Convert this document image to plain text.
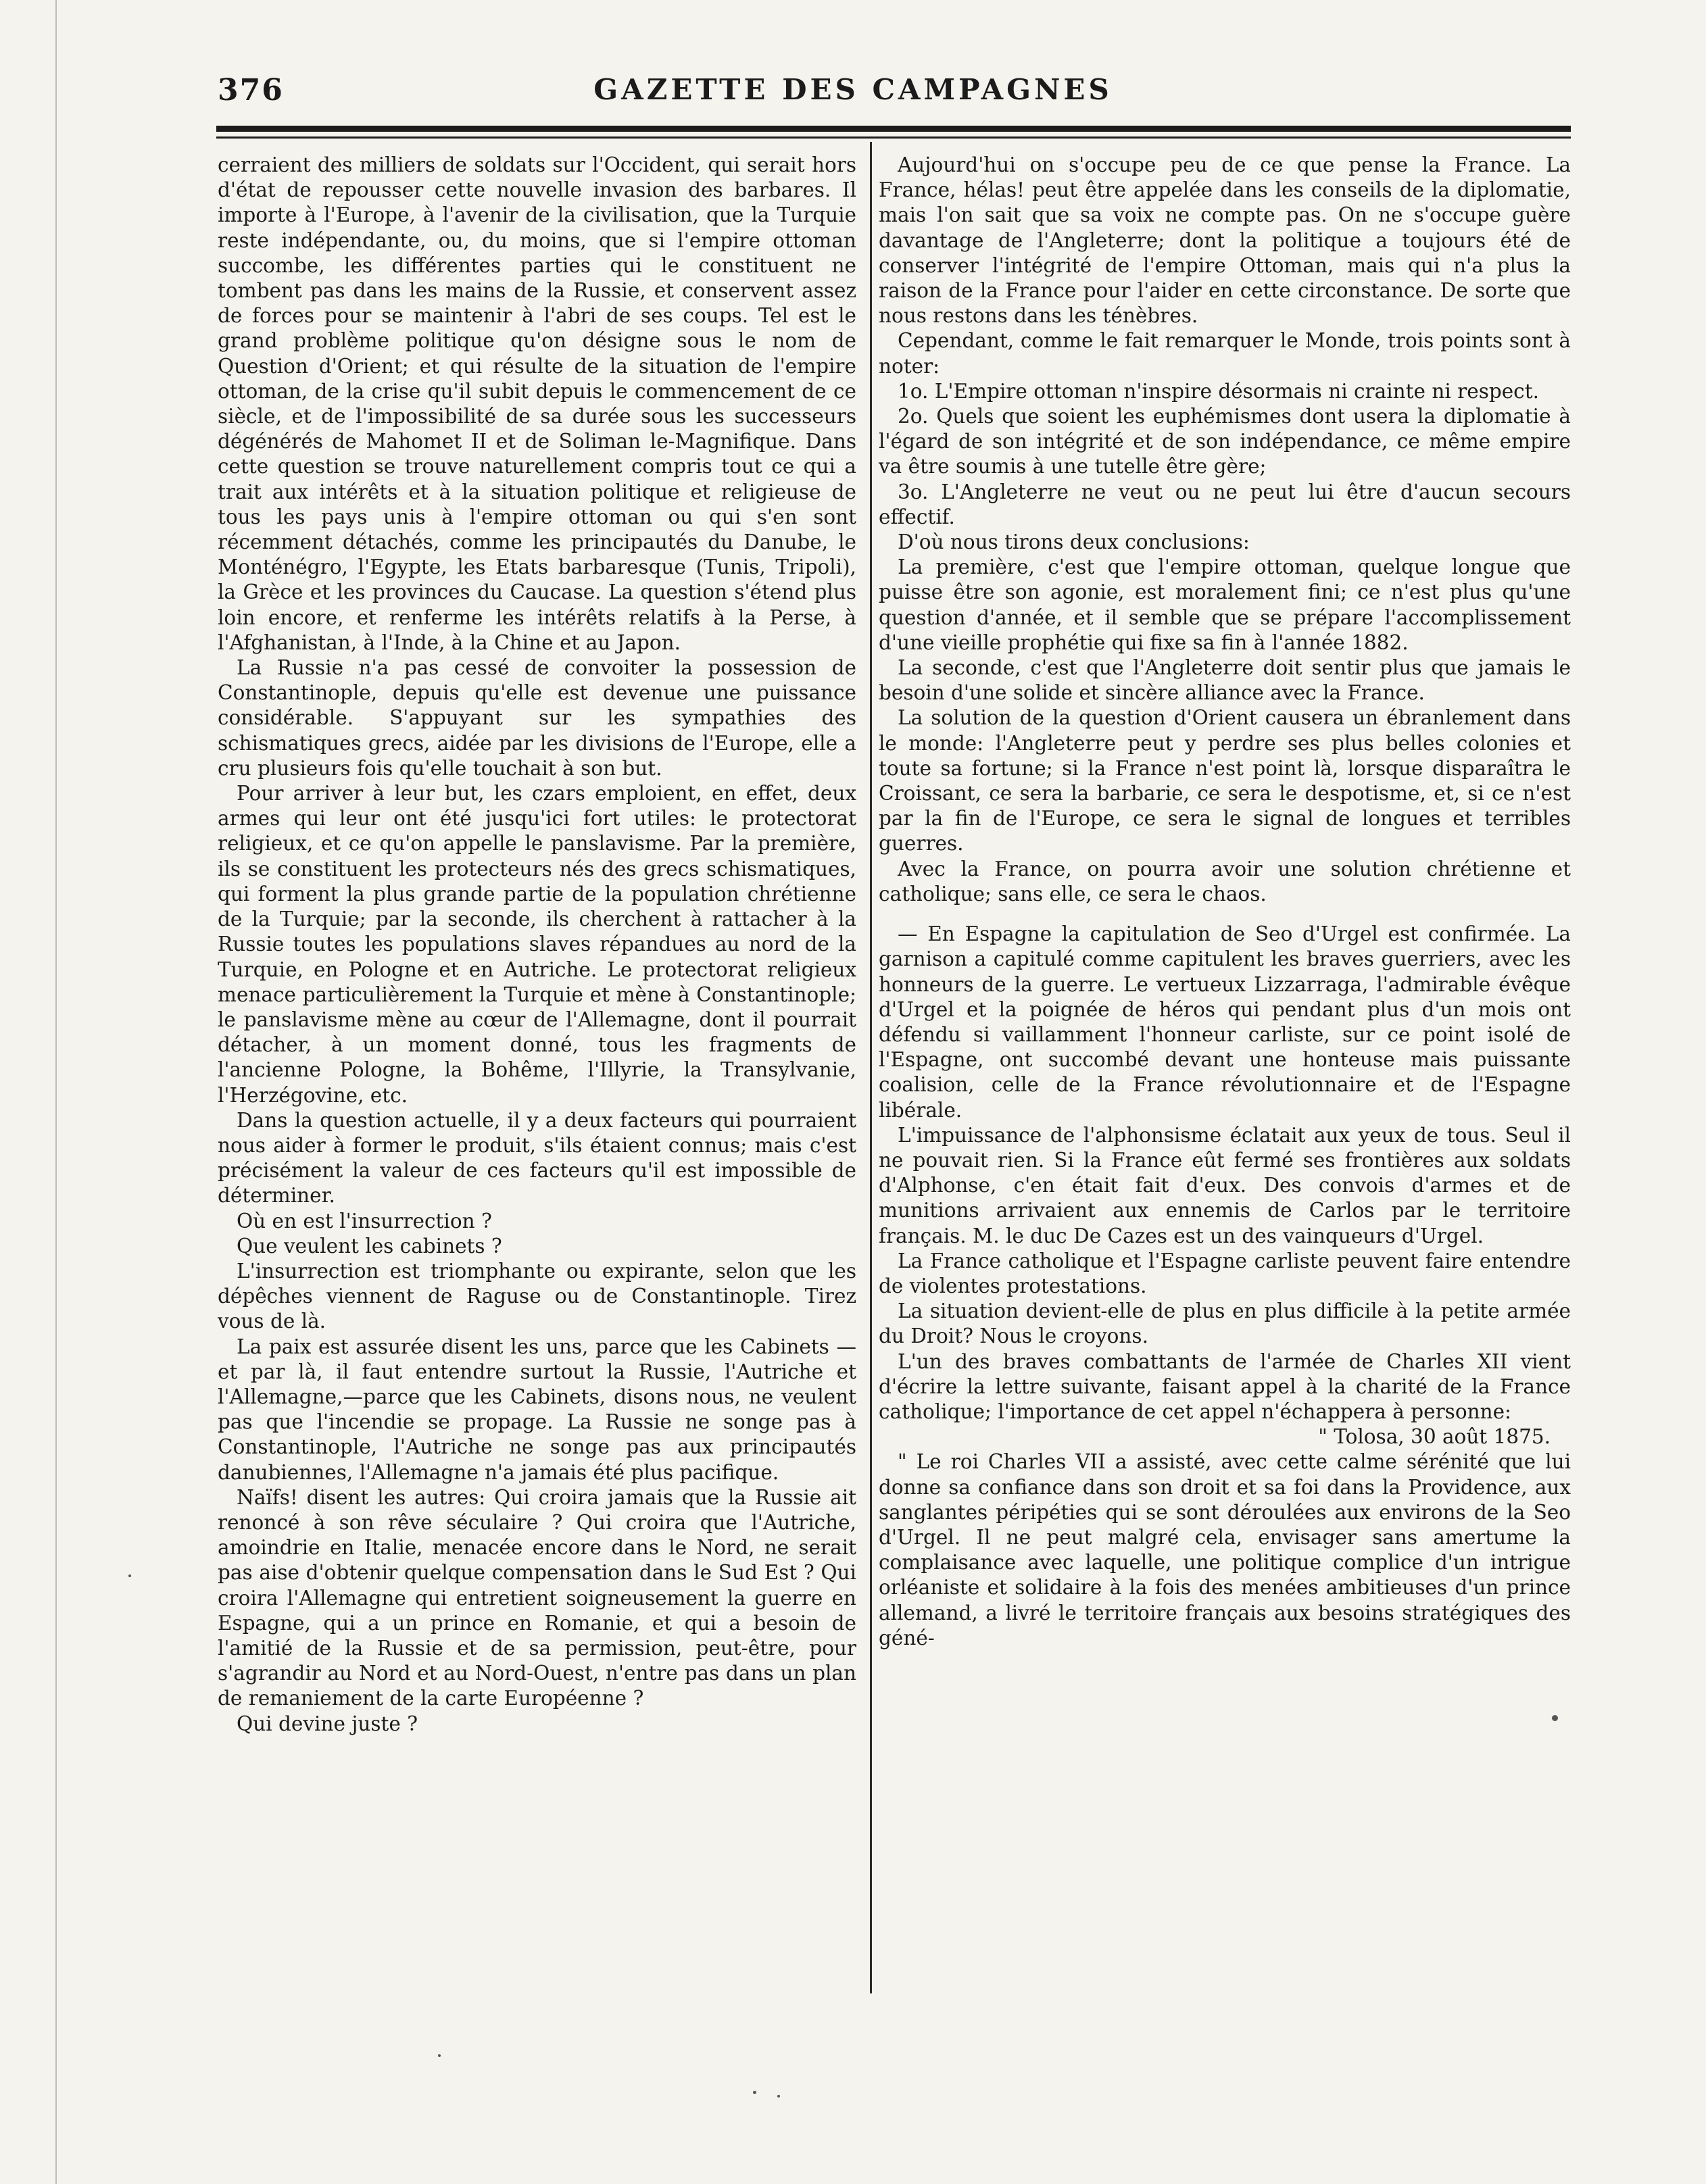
376	GAZETTE DES CAMPAGNES

cerraient des milliers de soldats sur l'Occident, qui serait hors d'état de repousser cette nouvelle invasion des barbares. Il importe à l'Europe, à l'avenir de la civilisation, que la Turquie reste indépendante, ou, du moins, que si l'empire ottoman succombe, les différentes parties qui le constituent ne tombent pas dans les mains de la Russie, et conservent assez de forces pour se maintenir à l'abri de ses coups. Tel est le grand problème politique qu'on désigne sous le nom de Question d'Orient; et qui résulte de la situation de l'empire ottoman, de la crise qu'il subit depuis le commencement de ce siècle, et de l'impossibilité de sa durée sous les successeurs dégénérés de Mahomet II et de Soliman le-Magnifique. Dans cette question se trouve naturellement compris tout ce qui a trait aux intérêts et à la situation politique et religieuse de tous les pays unis à l'empire ottoman ou qui s'en sont récemment détachés, comme les principautés du Danube, le Monténégro, l'Egypte, les Etats barbaresque (Tunis, Tripoli), la Grèce et les provinces du Caucase. La question s'étend plus loin encore, et renferme les intérêts relatifs à la Perse, à l'Afghanistan, à l'Inde, à la Chine et au Japon.

La Russie n'a pas cessé de convoiter la possession de Constantinople, depuis qu'elle est devenue une puissance considérable. S'appuyant sur les sympathies des schismatiques grecs, aidée par les divisions de l'Europe, elle a cru plusieurs fois qu'elle touchait à son but.

Pour arriver à leur but, les czars emploient, en effet, deux armes qui leur ont été jusqu'ici fort utiles: le protectorat religieux, et ce qu'on appelle le panslavisme. Par la première, ils se constituent les protecteurs nés des grecs schismatiques, qui forment la plus grande partie de la population chrétienne de la Turquie; par la seconde, ils cherchent à rattacher à la Russie toutes les populations slaves répandues au nord de la Turquie, en Pologne et en Autriche. Le protectorat religieux menace particulièrement la Turquie et mène à Constantinople; le panslavisme mène au cœur de l'Allemagne, dont il pourrait détacher, à un moment donné, tous les fragments de l'ancienne Pologne, la Bohême, l'Illyrie, la Transylvanie, l'Herzégovine, etc.

Dans la question actuelle, il y a deux facteurs qui pourraient nous aider à former le produit, s'ils étaient connus; mais c'est précisément la valeur de ces facteurs qu'il est impossible de déterminer.

Où en est l'insurrection ?

Que veulent les cabinets ?

L'insurrection est triomphante ou expirante, selon que les dépêches viennent de Raguse ou de Constantinople. Tirez vous de là.

La paix est assurée disent les uns, parce que les Cabinets —et par là, il faut entendre surtout la Russie, l'Autriche et l'Allemagne,—parce que les Cabinets, disons nous, ne veulent pas que l'incendie se propage. La Russie ne songe pas à Constantinople, l'Autriche ne songe pas aux principautés danubiennes, l'Allemagne n'a jamais été plus pacifique.

Naïfs! disent les autres: Qui croira jamais que la Russie ait renoncé à son rêve séculaire ? Qui croira que l'Autriche, amoindrie en Italie, menacée encore dans le Nord, ne serait pas aise d'obtenir quelque compensation dans le Sud Est ? Qui croira l'Allemagne qui entretient soigneusement la guerre en Espagne, qui a un prince en Romanie, et qui a besoin de l'amitié de la Russie et de sa permission, peut-être, pour s'agrandir au Nord et au Nord-Ouest, n'entre pas dans un plan de remaniement de la carte Européenne ?

Qui devine juste ?

Aujourd'hui on s'occupe peu de ce que pense la France. La France, hélas! peut être appelée dans les conseils de la diplomatie, mais l'on sait que sa voix ne compte pas. On ne s'occupe guère davantage de l'Angleterre; dont la politique a toujours été de conserver l'intégrité de l'empire Ottoman, mais qui n'a plus la raison de la France pour l'aider en cette circonstance. De sorte que nous restons dans les ténèbres.

Cependant, comme le fait remarquer le Monde, trois points sont à noter:

1o. L'Empire ottoman n'inspire désormais ni crainte ni respect.

2o. Quels que soient les euphémismes dont usera la diplomatie à l'égard de son intégrité et de son indépendance, ce même empire va être soumis à une tutelle être gère;

3o. L'Angleterre ne veut ou ne peut lui être d'aucun secours effectif.

D'où nous tirons deux conclusions:

La première, c'est que l'empire ottoman, quelque longue que puisse être son agonie, est moralement fini; ce n'est plus qu'une question d'année, et il semble que se prépare l'accomplissement d'une vieille prophétie qui fixe sa fin à l'année 1882.

La seconde, c'est que l'Angleterre doit sentir plus que jamais le besoin d'une solide et sincère alliance avec la France.

La solution de la question d'Orient causera un ébranlement dans le monde: l'Angleterre peut y perdre ses plus belles colonies et toute sa fortune; si la France n'est point là, lorsque disparaîtra le Croissant, ce sera la barbarie, ce sera le despotisme, et, si ce n'est par la fin de l'Europe, ce sera le signal de longues et terribles guerres.

Avec la France, on pourra avoir une solution chrétienne et catholique; sans elle, ce sera le chaos.

— En Espagne la capitulation de Seo d'Urgel est confirmée. La garnison a capitulé comme capitulent les braves guerriers, avec les honneurs de la guerre. Le vertueux Lizzarraga, l'admirable évêque d'Urgel et la poignée de héros qui pendant plus d'un mois ont défendu si vaillamment l'honneur carliste, sur ce point isolé de l'Espagne, ont succombé devant une honteuse mais puissante coalision, celle de la France révolutionnaire et de l'Espagne libérale.

L'impuissance de l'alphonsisme éclatait aux yeux de tous. Seul il ne pouvait rien. Si la France eût fermé ses frontières aux soldats d'Alphonse, c'en était fait d'eux. Des convois d'armes et de munitions arrivaient aux ennemis de Carlos par le territoire français. M. le duc De Cazes est un des vainqueurs d'Urgel.

La France catholique et l'Espagne carliste peuvent faire entendre de violentes protestations.

La situation devient-elle de plus en plus difficile à la petite armée du Droit? Nous le croyons.

L'un des braves combattants de l'armée de Charles XII vient d'écrire la lettre suivante, faisant appel à la charité de la France catholique; l'importance de cet appel n'échappera à personne:

" Tolosa, 30 août 1875.

" Le roi Charles VII a assisté, avec cette calme sérénité que lui donne sa confiance dans son droit et sa foi dans la Providence, aux sanglantes péripéties qui se sont déroulées aux environs de la Seo d'Urgel. Il ne peut malgré cela, envisager sans amertume la complaisance avec laquelle, une politique complice d'un intrigue orléaniste et solidaire à la fois des menées ambitieuses d'un prince allemand, a livré le territoire français aux besoins stratégiques des géné-
